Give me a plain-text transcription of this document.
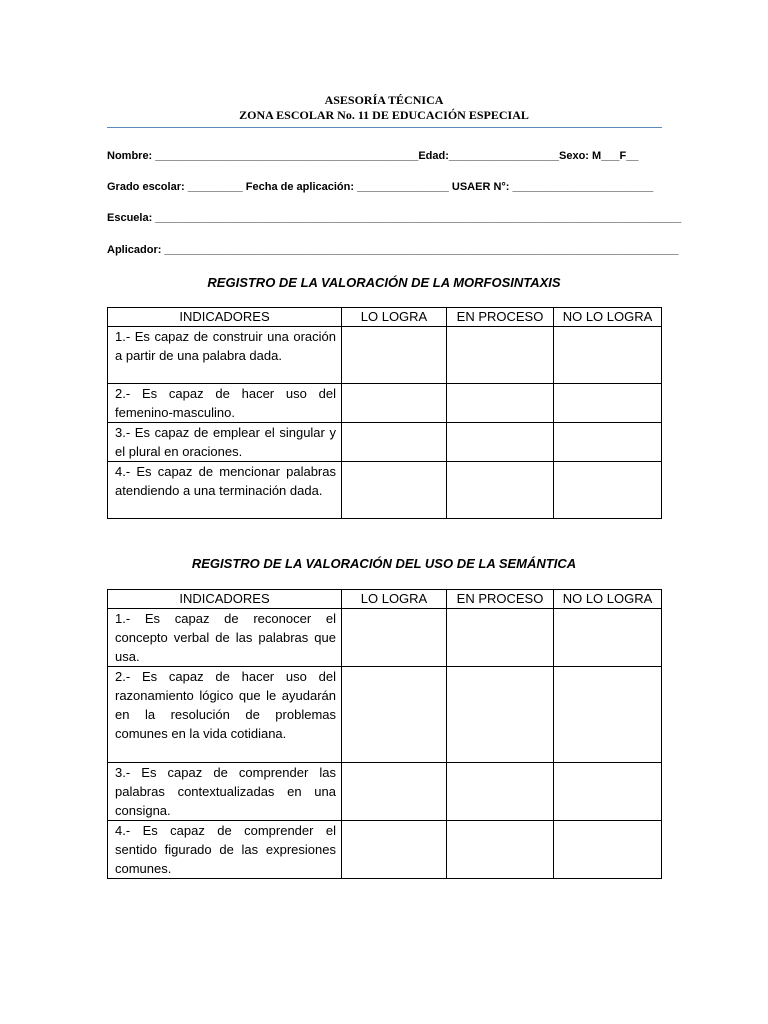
ASESORÍA TÉCNICA
ZONA ESCOLAR No. 11 DE EDUCACIÓN ESPECIAL
Nombre: ___________________________________________Edad:__________________Sexo: M___F__
Grado escolar: _________ Fecha de aplicación: _______________ USAER N°: _______________________
Escuela: ______________________________________________________________________________________
Aplicador: ____________________________________________________________________________________
REGISTRO DE LA VALORACIÓN DE LA MORFOSINTAXIS
INDICADORES	LO LOGRA	EN PROCESO	NO LO LOGRA
1.- Es capaz de construir una oración a partir de una palabra dada.			
2.- Es capaz de hacer uso del femenino-masculino.			
3.- Es capaz de emplear el singular y el plural en oraciones.			
4.- Es capaz de mencionar palabras atendiendo a una terminación dada.			
REGISTRO DE LA VALORACIÓN DEL USO DE LA SEMÁNTICA
INDICADORES	LO LOGRA	EN PROCESO	NO LO LOGRA
1.- Es capaz de reconocer el concepto verbal de las palabras que usa.			
2.- Es capaz de hacer uso del razonamiento lógico que le ayudarán en la resolución de problemas comunes en la vida cotidiana.			
3.- Es capaz de comprender las palabras contextualizadas en una consigna.			
4.- Es capaz de comprender el sentido figurado de las expresiones comunes.			
